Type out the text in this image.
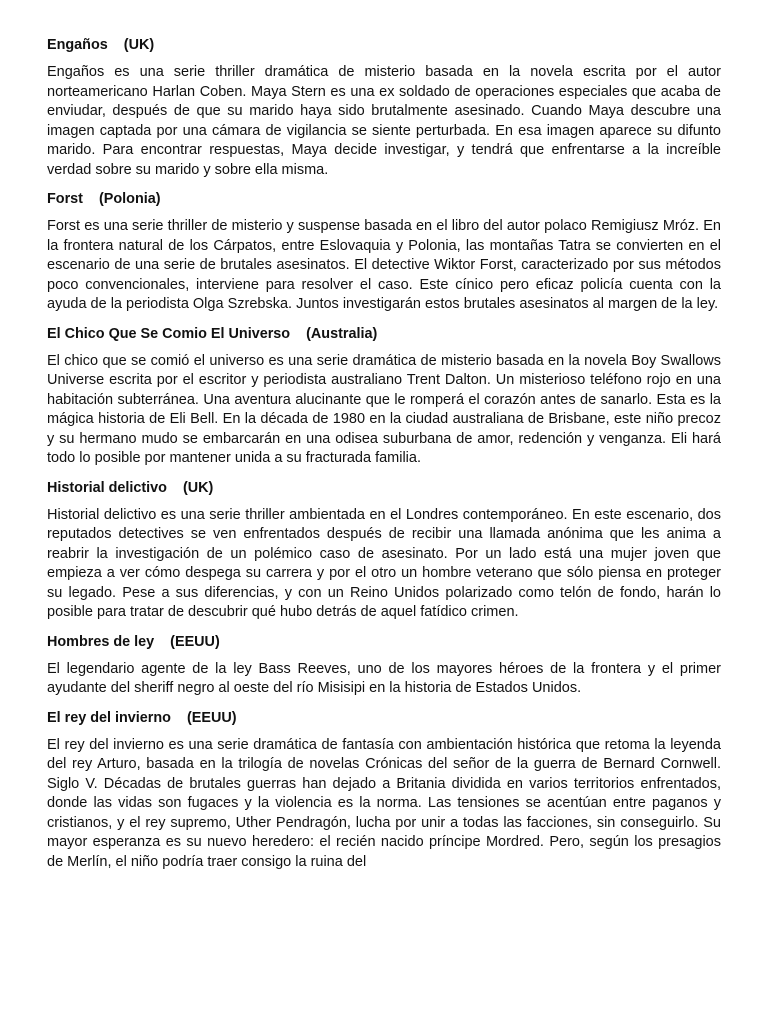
Engaños (UK)

Engaños es una serie thriller dramática de misterio basada en la novela escrita por el autor norteamericano Harlan Coben. Maya Stern es una ex soldado de operaciones especiales que acaba de enviudar, después de que su marido haya sido brutalmente asesinado. Cuando Maya descubre una imagen captada por una cámara de vigilancia se siente perturbada. En esa imagen aparece su difunto marido. Para encontrar respuestas, Maya decide investigar, y tendrá que enfrentarse a la increíble verdad sobre su marido y sobre ella misma.

Forst (Polonia)

Forst es una serie thriller de misterio y suspense basada en el libro del autor polaco Remigiusz Mróz. En la frontera natural de los Cárpatos, entre Eslovaquia y Polonia, las montañas Tatra se convierten en el escenario de una serie de brutales asesinatos. El detective Wiktor Forst, caracterizado por sus métodos poco convencionales, interviene para resolver el caso. Este cínico pero eficaz policía cuenta con la ayuda de la periodista Olga Szrebska. Juntos investigarán estos brutales asesinatos al margen de la ley.

El Chico Que Se Comio El Universo (Australia)

El chico que se comió el universo es una serie dramática de misterio basada en la novela Boy Swallows Universe escrita por el escritor y periodista australiano Trent Dalton. Un misterioso teléfono rojo en una habitación subterránea. Una aventura alucinante que le romperá el corazón antes de sanarlo. Esta es la mágica historia de Eli Bell. En la década de 1980 en la ciudad australiana de Brisbane, este niño precoz y su hermano mudo se embarcarán en una odisea suburbana de amor, redención y venganza. Eli hará todo lo posible por mantener unida a su fracturada familia.

Historial delictivo (UK)

Historial delictivo es una serie thriller ambientada en el Londres contemporáneo. En este escenario, dos reputados detectives se ven enfrentados después de recibir una llamada anónima que les anima a reabrir la investigación de un polémico caso de asesinato. Por un lado está una mujer joven que empieza a ver cómo despega su carrera y por el otro un hombre veterano que sólo piensa en proteger su legado. Pese a sus diferencias, y con un Reino Unidos polarizado como telón de fondo, harán lo posible para tratar de descubrir qué hubo detrás de aquel fatídico crimen.

Hombres de ley (EEUU)

El legendario agente de la ley Bass Reeves, uno de los mayores héroes de la frontera y el primer ayudante del sheriff negro al oeste del río Misisipi en la historia de Estados Unidos.

El rey del invierno (EEUU)

El rey del invierno es una serie dramática de fantasía con ambientación histórica que retoma la leyenda del rey Arturo, basada en la trilogía de novelas Crónicas del señor de la guerra de Bernard Cornwell. Siglo V. Décadas de brutales guerras han dejado a Britania dividida en varios territorios enfrentados, donde las vidas son fugaces y la violencia es la norma. Las tensiones se acentúan entre paganos y cristianos, y el rey supremo, Uther Pendragón, lucha por unir a todas las facciones, sin conseguirlo. Su mayor esperanza es su nuevo heredero: el recién nacido príncipe Mordred. Pero, según los presagios de Merlín, el niño podría traer consigo la ruina del
